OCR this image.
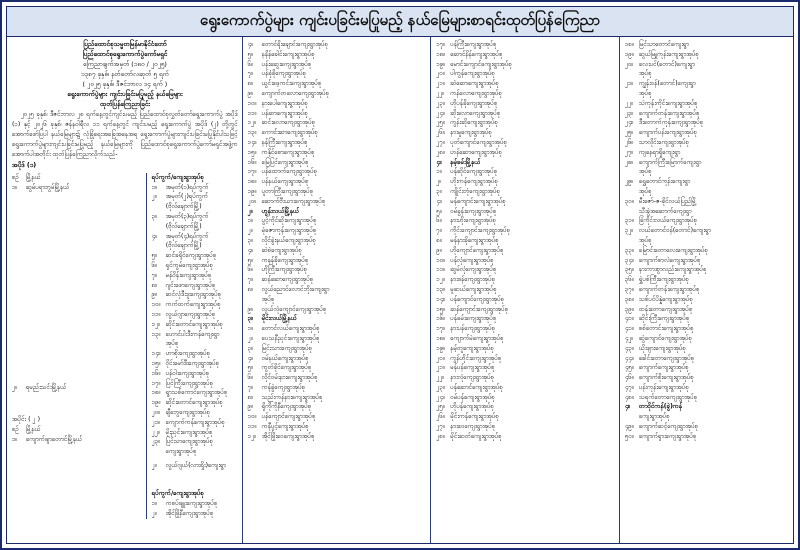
ရွေးကောက်ပွဲများ ကျင်းပခြင်းမပြုမည့် နယ်မြေများစာရင်းထုတ်ပြန်ကြေညာ
ပြည်ထောင်စုသမ္မတမြန်မာနိုင်ငံတော်
ပြည်ထောင်စုရွေးကောက်ပွဲကော်မရှင်
ကြေညာချက်အမှတ် (၁၈၀ / ၂၀၂၅)
၁၃၈၇ ခုနှစ်၊ နတ်တော်လဆုတ် ၅ ရက်
( ၂၀၂၅ ခုနှစ်၊ ဒီဇင်ဘာလ ၁၄ ရက် )
ရွေးကောက်ပွဲများ ကျင်းပခြင်းမပြုမည့် နယ်မြေများ
ထုတ်ပြန်ကြေညာခြင်း
၂၀၂၅ ခုနှစ်၊ ဒီဇင်ဘာလ ၂၈ ရက်နေ့တွင်ကျင်းပမည့် ပြည်ထောင်စုလွှတ်တော်ရွေးကောက်ပွဲ အပိုဒ် (၁) နှင့် ၂၀၂၆ ခုနှစ်၊ ဇန်နဝါရီလ ၁၁ ရက်နေ့တွင် ကျင်းပမည့် ရွေးကောက်ပွဲ အပိုဒ် (၂) တို့တွင် အောက်ဖော်ပြပါ နယ်မြေများ၌ လုံခြုံရေးအခြေအနေအရ ရွေးကောက်ပွဲများကျင်းပခြင်းမပြုနိုင်ပါသဖြင့် ရွေးကောက်ပွဲများကျင်းပခြင်းမပြုမည့် နယ်မြေများကို ပြည်ထောင်စုရွေးကောက်ပွဲကော်မရှင်အဖွဲ့က အောက်ပါအတိုင်း ထုတ်ပြန်ကြေညာလိုက်သည်-
အပိုဒ် (၁)
စဉ်	မြို့နယ်
၁။	ဆွမ်ပရာဘွမ်မြို့နယ်
၂။	ရမည်းသင်းမြို့နယ်
အပိုင်း ( ၂ )
စဉ်	မြို့နယ်
၁။	ကျောက်ဖျာတောင်မြို့နယ်
ရပ်ကွက်/ကျေးရွာအုပ်စု
၁။	အမှတ်(၁)ရပ်ကွက်
၂။	အမှတ်(၂)ရပ်ကွက်
	(ဗိုလ်ချောက်မြို့)
၃။	အမှတ်(၃)ရပ်ကွက်
	(ဗိုလ်ချောက်မြို့)
၄။	အမှတ်(၄)ရပ်ကွက်
	(ဗိုလ်ချောက်မြို့)
၅။	ဆင်ခရိုင်ကျေးရွာအုပ်စု
၆။	ရှင်ကွမ်ကျေးရွာအုပ်စု
၇။	မန်ဝိန်းကျေးရွာအုပ်စု
၈။	ဂျင်းဖောကျေးရွာအုပ်စု
၉။	ဆင်လုံဒီးဒူးကျေးရွာအုပ်စု
၁၀။	ကက်ထက်ကျေးရွာအုပ်စု
၁၁။	လွယ်ဂျာကျေးရွာအုပ်စု
၁၂။	ဆိုင်းတောင်ကျေးရွာအုပ်စု
၁၃။	ဟောင်ပါးဒီးကန်ကျေးရွာ
	အုပ်စု
၁၄။	ဟာစိုးကျေးရွာအုပ်စု
၁၅။	ဝိုင်းမော်ဒီးကျေးရွာအုပ်စု
၁၆။	ပန်ဝါးကျေးရွာအုပ်စု
၁၇။	ပြင်ကြီးကျေးရွာအုပ်စု
၁၈။	ရွာသစ်ကောင်ကျေးရွာအုပ်စု
၁၉။	ဆိုင်းတောင်ကျေးရွာအုပ်စု
၂၀။	ချီဘွေကျေးရွာအုပ်စု
၂၁။	ကျောက်ကန်ကျေးရွာအုပ်စု
၂၂။	မိုးညှင်းကျေးရွာအုပ်စု
၂၃။	ပြင်သာကျေးရွာအုပ်စု
	ကျေးရွာအုပ်စု
၂။	လွယ်ဂျယ်(လားရှိုး)ကျေးရွာ
ရပ်ကွက်/ကျေးရွာအုပ်စု
၁။	ကစပ်ဖျူးကျေးရွာအုပ်စု
၂။	အိုင်ဖြိုနီကျေးရွာအုပ်စု
၄။	တောင်ရိုးချောင်းကျေးရွာအုပ်စု
၅။	နနိန်ခေါင်းကျေးရွာအုပ်စု
၆။	ပန်းဆွေးကျေးရွာအုပ်စု
၇။	ပန်ခုံခိုကျေးရွာအုပ်စု
၈။	ယွင်းဖေ့ကင်းကျေးရွာအုပ်စု
၉။	ကျောက်တလောကျေးရွာအုပ်စု
၁၀။	နားပေါကျေးရွာအုပ်စု
၁၁။	ပန်ဆာကျေးရွာအုပ်စု
၁၂။	ဆင်းလောကျေးရွာအုပ်စု
၁၃။	ကောင်းဆာကျေးရွာအုပ်စု
၁၄။	နန်ကြီးကျေးရွာအုပ်စု
၁၅။	ကနိုင်စောကျေးရွာအုပ်စု
၁၆။	မြေပြင်ကျေးရွာအုပ်စု
၁၇။	ပန်ထောက်ကျေးရွာအုပ်စု
၁၈။	ပန်နယ်ကျေးရွာအုပ်စု
၁၉။	ပူတာကြီးကျေးရွာအုပ်စု
၂၀။	ဆောက်ဗီးယားကျေးရွာအုပ်စု
၂။	ဟွန်းလယ်မြို့နယ်
၁။	ပွင့်ကိုင်ဆိုးကျေးရွာအုပ်စု
၂။	မုံဇောကုန်းကျေးရွာအုပ်စု
၃။	လိုင်ခွဲးနယ်ကျေးရွာအုပ်စု
၄။	ဆဲစဲကျေးရွာအုပ်စု
၅။	ကနန်ခိုကျေးရွာအုပ်စု
၆။	ဟိုကြီးကျေးရွာအုပ်စု
၇။	ဆန်ဆောကျေးရွာအုပ်စု
၈။	လွယ်ညောင်လောင်ဘိုးကျေးရွာ
	အုပ်စု
၉။	လွယ်လုံကျောင်ကျေးရွာအုပ်စု
၃။	မိုင်းလယ်မြို့နယ်
၁။	တောင်လယ်ကျေးရွာအုပ်စု
၂။	ပေသနီညှင်းကျေးရွာအုပ်စု
၃။	မြင်းသားကျေးရွာအုပ်စု
၄။	ဝမ်နယ်ကျေးရွာအုပ်စု
၅။	ကွတ်ခိုင်ကျေးရွာအုပ်စု
၆။	လိုင်ဝမ်းနားကျေးရွာအုပ်စု
၇။	ကန်ခွဲကျေးရွာအုပ်စု
၈။	သည်းကန်နားကျေးရွာအုပ်စု
၉။	ရှိကိုကိုနီကျေးရွာအုပ်စု
၁၀။	ပန်ကျောင်ကျေးရွာအုပ်စု
၁၁။	ကနီပွင့်ကျေးရွာအုပ်စု
၁၂။	အိုင်ဖြိုးဝေကျေးရွာအုပ်စု
၁၇။	ပန်ကြီးကျေးရွာအုပ်စု
၁၈။	ဆောင်နိန်ကျေးရွာအုပ်စု
၁၉။	မောင်းကျောင်ကျေးရွာအုပ်စု
၂၀။	ပါကွန်ကျေးရွာအုပ်စု
၂၁။	ဆဲဆောကျေးရွာအုပ်စု
၂၂။	ကန်လောကျေးရွာအုပ်စု
၂၃။	ဟိုပန်ခိုကျေးရွာအုပ်စု
၂၄။	ဆိုးလောကျေးရွာအုပ်စု
၂၅။	ကွန်းဆိုကျေးရွာအုပ်စု
၂၆။	နားမူကျေးရွာအုပ်စု
၂၇။	ပုတ်ကျောင်ကျေးရွာအုပ်စု
၂၈။	ဟန်ဆောကျေးရွာအုပ်စု
၄။	နမ့်ခမ်းမြို့နယ်
၁။	ပန်ဆိုင်ကျေးရွာအုပ်စု
၂။	ဟိုးကန်ကျေးရွာအုပ်စု
၃။	ကျိုင်းတုံကျေးရွာအုပ်စု
၄။	မန်ကျောင်းကျေးရွာအုပ်စု
၅။	ဝမ်ခွန်းကျေးရွာအုပ်စု
၆။	နားဟိုးကျေးရွာအုပ်စု
၇။	ကိုင်းကျောင်းကျေးရွာအုပ်စု
၈။	မန်နားခိုကျေးရွာအုပ်စု
၉။	ဟိုကျောင်ကျေးရွာအုပ်စု
၁၀။	ပန်လုံကျေးရွာအုပ်စု
၁၁။	ဆွမ်လုံကျေးရွာအုပ်စု
၁၂။	နားဖန်ကျေးရွာအုပ်စု
၁၃။	မူဆယ်ကျေးရွာအုပ်စု
၁၄။	ပန်ကျောင်ကျေးရွာအုပ်စု
၁၅။	ဆန်ကျောင်းကျေးရွာအုပ်စု
၁၆။	ပန်ခမ်းကျေးရွာအုပ်စု
၁၇။	နားပန်ကျေးရွာအုပ်စု
၁၈။	ကျောက်မဲကျေးရွာအုပ်စု
၁၉။	နမ့်တူကျေးရွာအုပ်စု
၂၀။	ကွန်ဟိုင်းကျေးရွာအုပ်စု
၂၁။	မန်ပန်ကျေးရွာအုပ်စု
၂၂။	နားလုံကျေးရွာအုပ်စု
၂၃။	ပန်ဆောင်ကျေးရွာအုပ်စု
၂၄။	ဝမ်ပန်ကျေးရွာအုပ်စု
၂၅။	ဟိုပန်ကျေးရွာအုပ်စု
၂၆။	မိုင်းကန်ကျေးရွာအုပ်စု
၂၇။	နားဝေကျေးရွာအုပ်စု
၂၈။	မိုင်းဆတ်ကျေးရွာအုပ်စု
၁၈။	မြင်သာတောင်ကျေးရွာ
၁၉။	ဆွယ်မြူကုန်းကျေးရွာအုပ်စု
၂၀။	လေးပင်(တောင်)ကျေးရွာ
	အုပ်စု
၂၁။	ကျွန်းဝန်(တောင်)ကျေးရွာ
	အုပ်စု
၂၂။	သဲကုန်းကိုင်းကျေးရွာအုပ်စု
၂၃။	ကျောက်တန်းကျေးရွာအုပ်စု
၂၄။	ဒီးတောက်ကုန်းကျေးရွာအုပ်စု
၂၅။	ကျောက်ပန်းကျေးရွာအုပ်စု
၂၆။	သာလိုင်းကျေးရွာအုပ်စု
၂၇။	ကျနေရာရှိကျေးရွာ
၂၈။	ကျောက်ကြီးမြောက်ကျေးရွာ
	အုပ်စု
၂၉။	ရွှေတောင်ကုန်းကျေးရွာ
	အုပ်စု
၃၀။	မီးဇော်-ဇ-ခိုင်လယ်ပြည်မြို့
	သီးခွဲအဆောက်ကျေးရွာ
၃၁။	ခြံကိုင်းလယ်ကျေးရွာအုပ်စု
၃၂။	လယ်တောင်ဝန်(တောင်)ကျေးရွာ
	အုပ်စု
၃၃။	မြောင်းတောလေးကျေးရွာအုပ်စု
၃၄။	ကျောက်စာလဲကျေးရွာအုပ်စု
၃၅။	နားကားစွာလည်းကျေးရွာအုပ်စု
၃၆။	ရွှဲပစ်ကြီးကျေးရွာအုပ်စု
၃၇။	ကျောက်တန်းကျေးရွာအုပ်စု
၃၈။	သစ်ပင်ပိန္နဲကျေးရွာအုပ်စု
၃၉။	ထန်းတောကျေးရွာအုပ်စု
၄၀။	ဆိုင်းကြီးကျေးရွာအုပ်စု
၄၁။	စစ်တောင်းကျေးရွာအုပ်စု
၄၂။	ဆွဲကျောင်ကျေးရွာအုပ်စု
၄၃။	ယိုးဖျားကျေးရွာအုပ်စု
၄၄။	ခေါင်းတောကျေးရွာအုပ်စု
၄၅။	ကျောက်ကျေးရွာအုပ်စု
၄၆။	ကျောက်စိုးကျေးရွာအုပ်စု
၄၇။	ပန်းကုန်းကျေးရွာအုပ်စု
၄၈။	သရက်တောကျေးရွာအုပ်စု
၄။	တာဝိုင်ကန်(ခွဲ)ကန်
	ကျေးရွာအုပ်စု
၄၉။	ကျောက်ဆင့်ကျေးရွာအုပ်စု
၅၀။	ကျောက်ရှားကျေးရွာအုပ်စု
